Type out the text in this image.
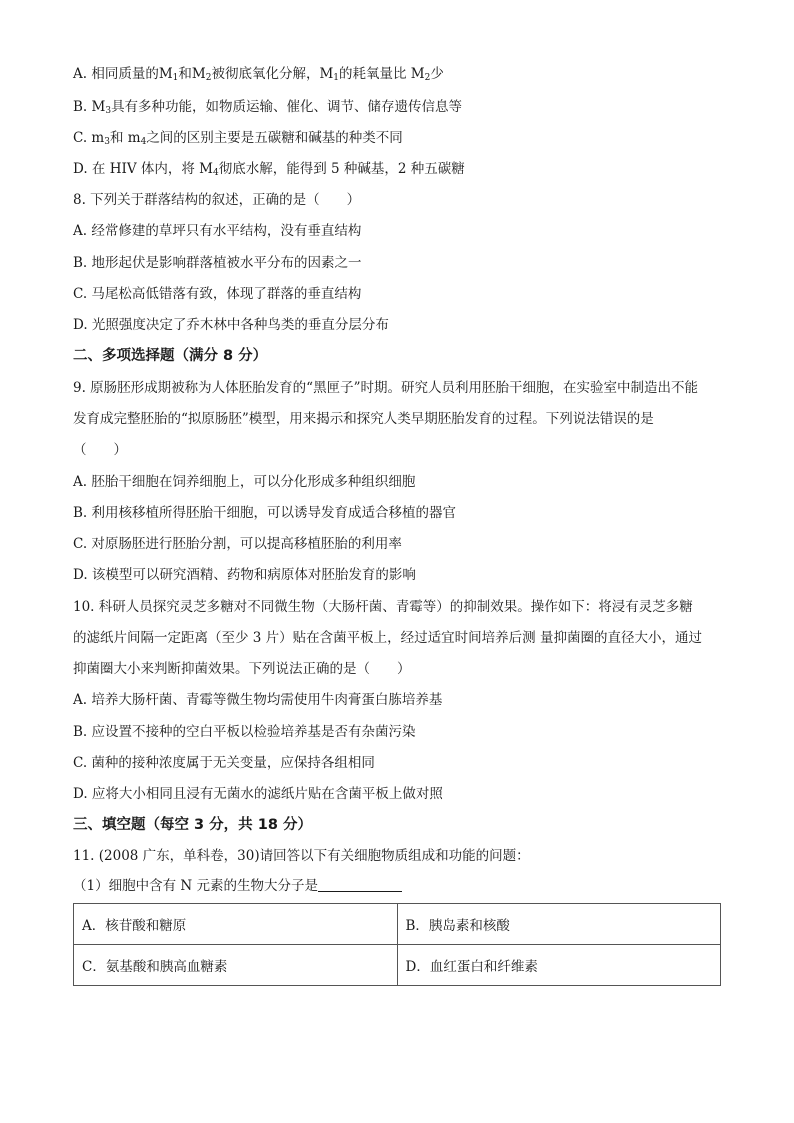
A. 相同质量的$M_1$和$M_2$被彻底氧化分解，$M_1$的耗氧量比 $M_2$少
B. $M_3$具有多种功能，如物质运输、催化、调节、储存遗传信息等
C. $m_3$和 $m_4$之间的区别主要是五碳糖和碱基的种类不同
D. 在 HIV 体内，将 $M_4$彻底水解，能得到 5 种碱基，2 种五碳糖
8. 下列关于群落结构的叙述，正确的是（　　）
A. 经常修建的草坪只有水平结构，没有垂直结构
B. 地形起伏是影响群落植被水平分布的因素之一
C. 马尾松高低错落有致，体现了群落的垂直结构
D. 光照强度决定了乔木林中各种鸟类的垂直分层分布
二、多项选择题（满分 8 分）
9. 原肠胚形成期被称为人体胚胎发育的“黑匣子”时期。研究人员利用胚胎干细胞，在实验室中制造出不能
发育成完整胚胎的“拟原肠胚”模型，用来揭示和探究人类早期胚胎发育的过程。下列说法错误的是
（　　）
A. 胚胎干细胞在饲养细胞上，可以分化形成多种组织细胞
B. 利用核移植所得胚胎干细胞，可以诱导发育成适合移植的器官
C. 对原肠胚进行胚胎分割，可以提高移植胚胎的利用率
D. 该模型可以研究酒精、药物和病原体对胚胎发育的影响
10. 科研人员探究灵芝多糖对不同微生物（大肠杆菌、青霉等）的抑制效果。操作如下：将浸有灵芝多糖
的滤纸片间隔一定距离（至少 3 片）贴在含菌平板上，经过适宜时间培养后测 量抑菌圈的直径大小，通过
抑菌圈大小来判断抑菌效果。下列说法正确的是（　　）
A. 培养大肠杆菌、青霉等微生物均需使用牛肉膏蛋白胨培养基
B. 应设置不接种的空白平板以检验培养基是否有杂菌污染
C. 菌种的接种浓度属于无关变量，应保持各组相同
D. 应将大小相同且浸有无菌水的滤纸片贴在含菌平板上做对照
三、填空题（每空 3 分，共 18 分）
11. (2008 广东，单科卷，30)请回答以下有关细胞物质组成和功能的问题：
（1）细胞中含有 N 元素的生物大分子是
A．核苷酸和糖原	B．胰岛素和核酸
C．氨基酸和胰高血糖素	D．血红蛋白和纤维素
